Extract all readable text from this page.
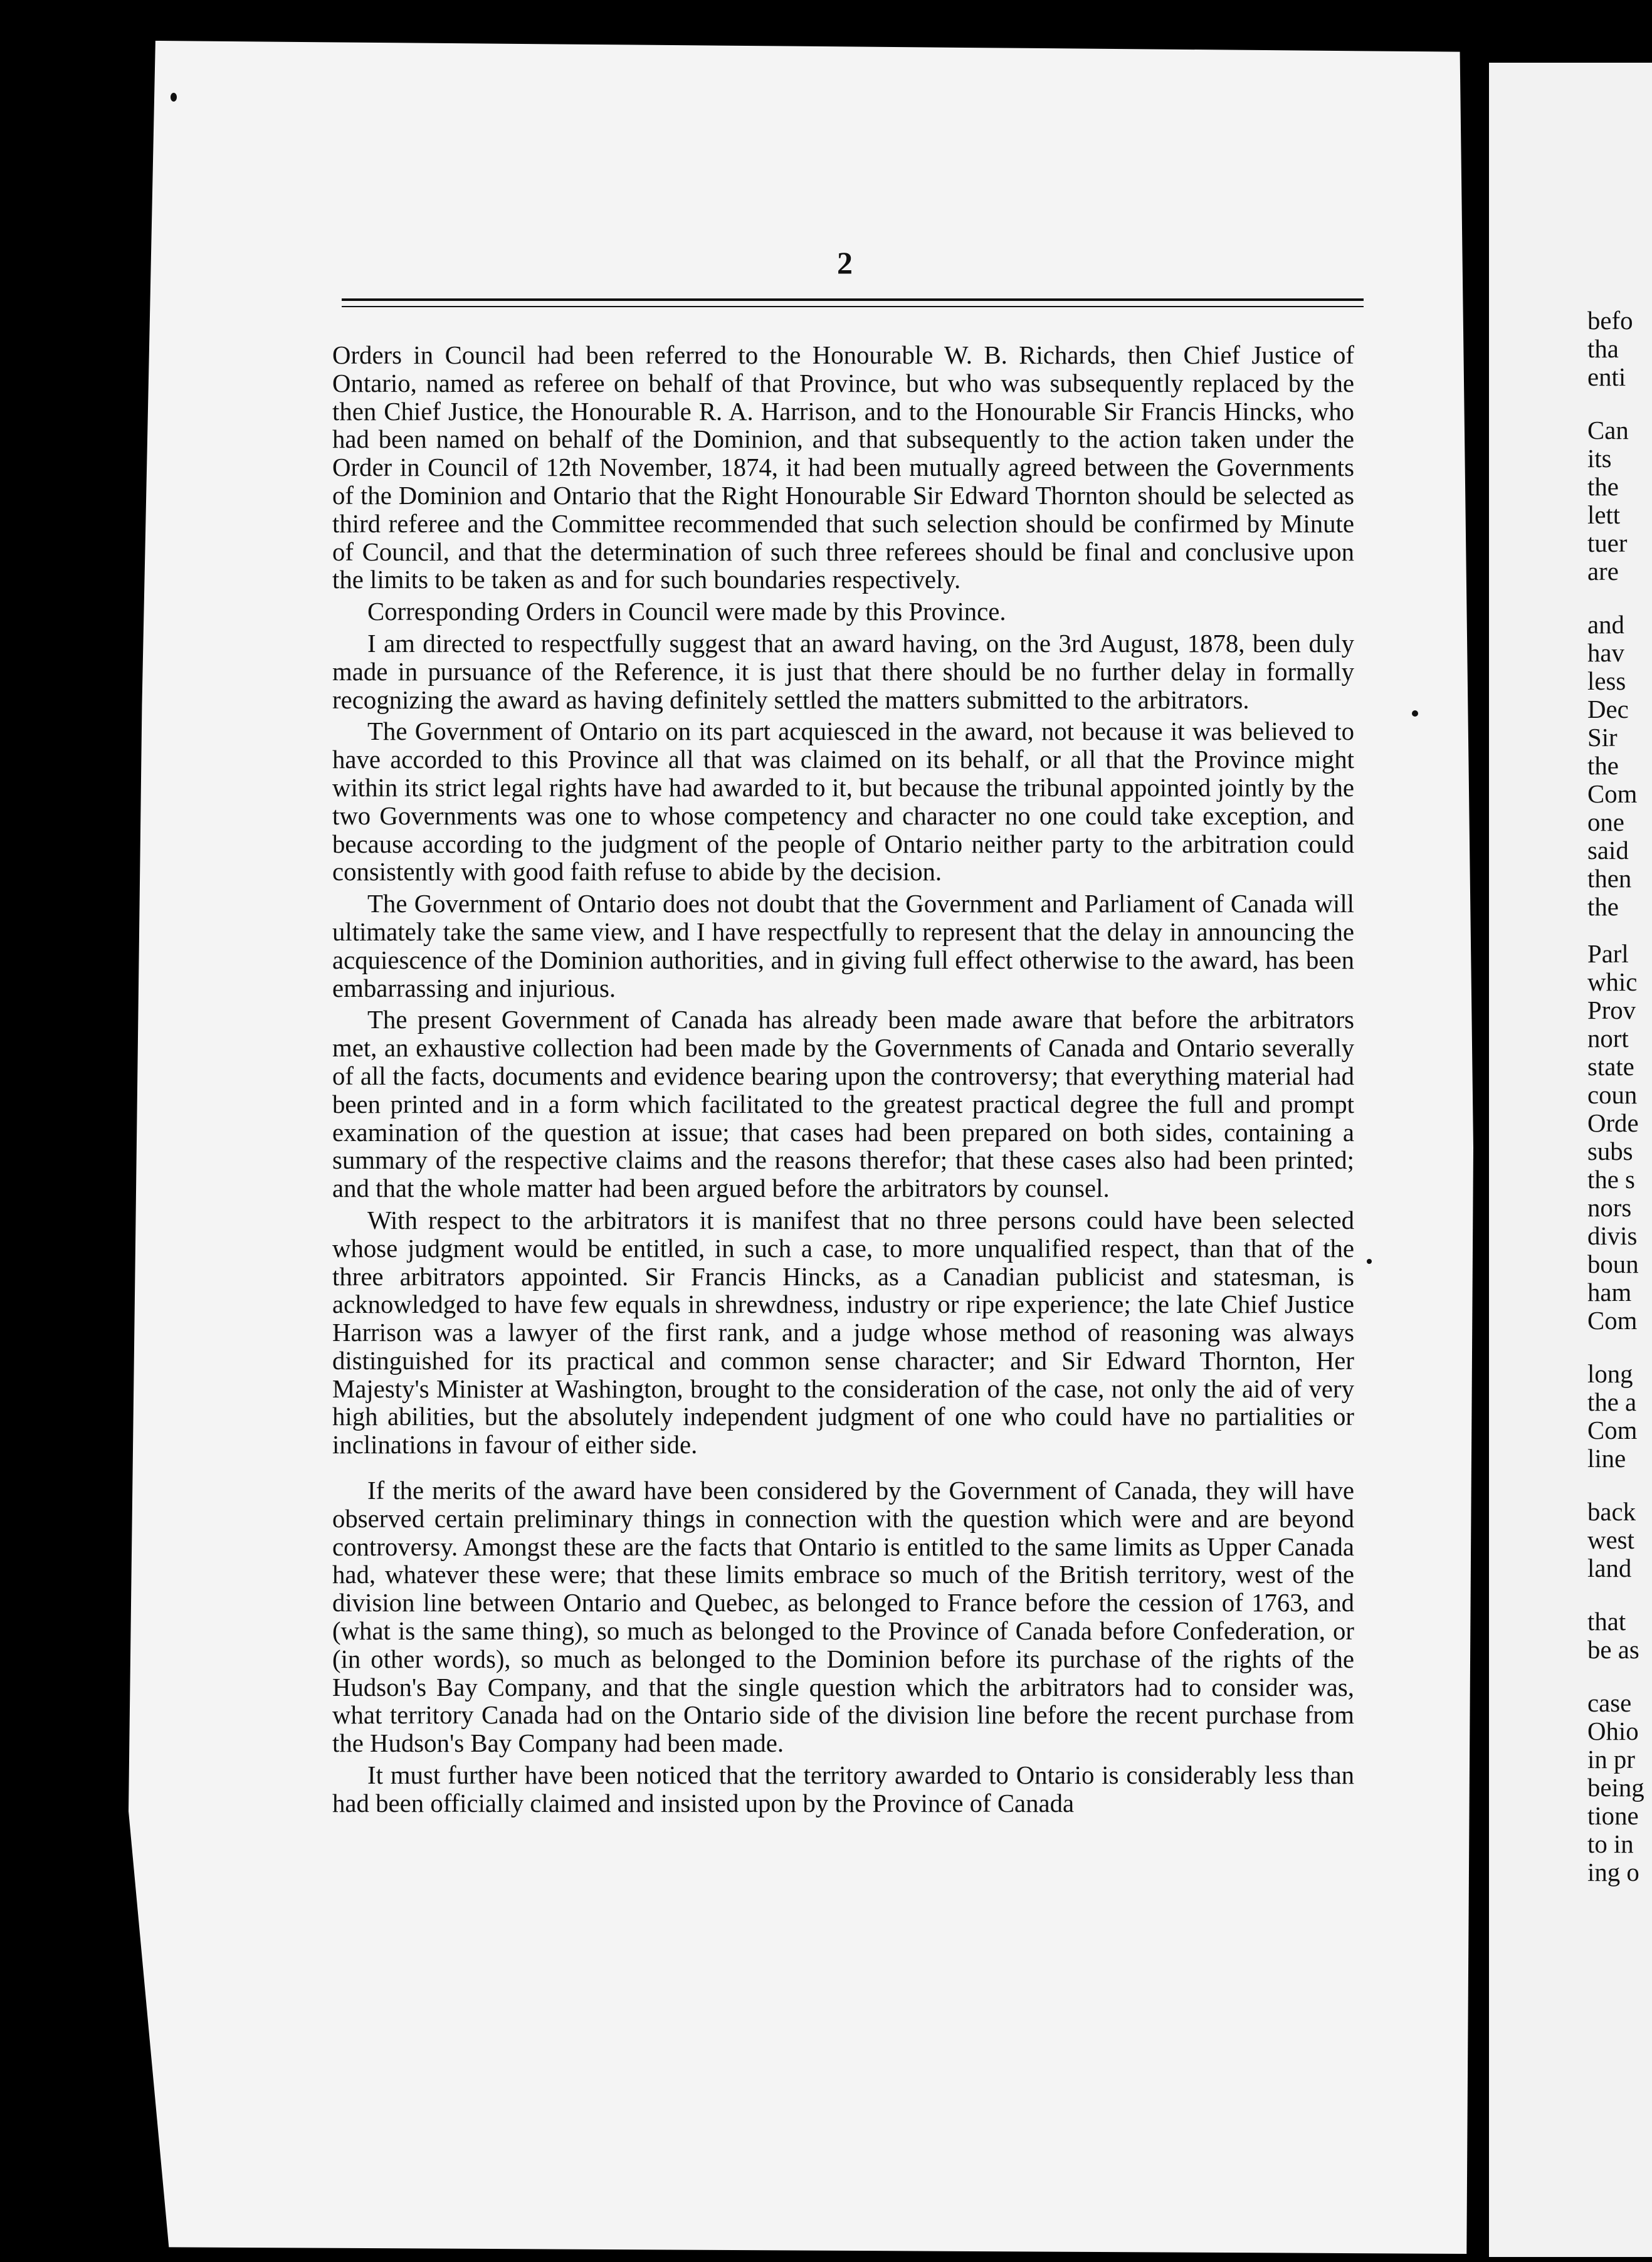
2

Orders in Council had been referred to the Honourable W. B. Richards, then Chief Justice of Ontario, named as referee on behalf of that Province, but who was subsequently replaced by the then Chief Justice, the Honourable R. A. Harrison, and to the Honourable Sir Francis Hincks, who had been named on behalf of the Dominion, and that subsequently to the action taken under the Order in Council of 12th November, 1874, it had been mutually agreed between the Governments of the Dominion and Ontario that the Right Honourable Sir Edward Thornton should be selected as third referee and the Committee recommended that such selection should be confirmed by Minute of Council, and that the determination of such three referees should be final and conclusive upon the limits to be taken as and for such boundaries respectively.

Corresponding Orders in Council were made by this Province.

I am directed to respectfully suggest that an award having, on the 3rd August, 1878, been duly made in pursuance of the Reference, it is just that there should be no further delay in formally recognizing the award as having definitely settled the matters submitted to the arbitrators.

The Government of Ontario on its part acquiesced in the award, not because it was believed to have accorded to this Province all that was claimed on its behalf, or all that the Province might within its strict legal rights have had awarded to it, but because the tribunal appointed jointly by the two Governments was one to whose competency and character no one could take exception, and because according to the judgment of the people of Ontario neither party to the arbitration could consistently with good faith refuse to abide by the decision.

The Government of Ontario does not doubt that the Government and Parliament of Canada will ultimately take the same view, and I have respectfully to represent that the delay in announcing the acquiescence of the Dominion authorities, and in giving full effect otherwise to the award, has been embarrassing and injurious.

The present Government of Canada has already been made aware that before the arbitrators met, an exhaustive collection had been made by the Governments of Canada and Ontario severally of all the facts, documents and evidence bearing upon the controversy; that everything material had been printed and in a form which facilitated to the greatest practical degree the full and prompt examination of the question at issue; that cases had been prepared on both sides, containing a summary of the respective claims and the reasons therefor; that these cases also had been printed; and that the whole matter had been argued before the arbitrators by counsel.

With respect to the arbitrators it is manifest that no three persons could have been selected whose judgment would be entitled, in such a case, to more unqualified respect, than that of the three arbitrators appointed. Sir Francis Hincks, as a Canadian publicist and statesman, is acknowledged to have few equals in shrewdness, industry or ripe experience; the late Chief Justice Harrison was a lawyer of the first rank, and a judge whose method of reasoning was always distinguished for its practical and common sense character; and Sir Edward Thornton, Her Majesty's Minister at Washington, brought to the consideration of the case, not only the aid of very high abilities, but the absolutely independent judgment of one who could have no partialities or inclinations in favour of either side.

If the merits of the award have been considered by the Government of Canada, they will have observed certain preliminary things in connection with the question which were and are beyond controversy. Amongst these are the facts that Ontario is entitled to the same limits as Upper Canada had, whatever these were; that these limits embrace so much of the British territory, west of the division line between Ontario and Quebec, as belonged to France before the cession of 1763, and (what is the same thing), so much as belonged to the Province of Canada before Confederation, or (in other words), so much as belonged to the Dominion before its purchase of the rights of the Hudson's Bay Company, and that the single question which the arbitrators had to consider was, what territory Canada had on the Ontario side of the division line before the recent purchase from the Hudson's Bay Company had been made.

It must further have been noticed that the territory awarded to Ontario is considerably less than had been officially claimed and insisted upon by the Province of Canada

befo
tha
enti
Can
its
the
lett
tuer
are
and
hav
less
Dec
Sir
the
Com
one
said
then
the
Parl
whic
Prov
nort
state
coun
Orde
subs
the s
nors
divis
boun
ham
Com
long
the a
Com
line
back
west
land
that
be as
case
Ohio
in pr
being
tione
to in
ing o
